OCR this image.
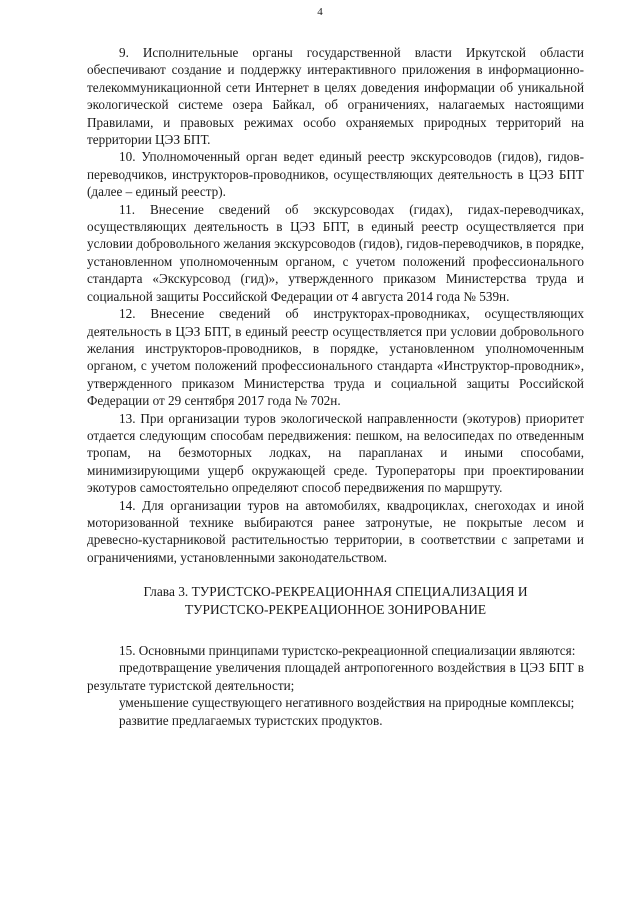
4

9. Исполнительные органы государственной власти Иркутской области обеспечивают создание и поддержку интерактивного приложения в информационно-телекоммуникационной сети Интернет в целях доведения информации об уникальной экологической системе озера Байкал, об ограничениях, налагаемых настоящими Правилами, и правовых режимах особо охраняемых природных территорий на территории ЦЭЗ БПТ.

10. Уполномоченный орган ведет единый реестр экскурсоводов (гидов), гидов-переводчиков, инструкторов-проводников, осуществляющих деятельность в ЦЭЗ БПТ (далее – единый реестр).

11. Внесение сведений об экскурсоводах (гидах), гидах-переводчиках, осуществляющих деятельность в ЦЭЗ БПТ, в единый реестр осуществляется при условии добровольного желания экскурсоводов (гидов), гидов-переводчиков, в порядке, установленном уполномоченным органом, с учетом положений профессионального стандарта «Экскурсовод (гид)», утвержденного приказом Министерства труда и социальной защиты Российской Федерации от 4 августа 2014 года № 539н.

12. Внесение сведений об инструкторах-проводниках, осуществляющих деятельность в ЦЭЗ БПТ, в единый реестр осуществляется при условии добровольного желания инструкторов-проводников, в порядке, установленном уполномоченным органом, с учетом положений профессионального стандарта «Инструктор-проводник», утвержденного приказом Министерства труда и социальной защиты Российской Федерации от 29 сентября 2017 года № 702н.

13. При организации туров экологической направленности (экотуров) приоритет отдается следующим способам передвижения: пешком, на велосипедах по отведенным тропам, на безмоторных лодках, на парапланах и иными способами, минимизирующими ущерб окружающей среде. Туроператоры при проектировании экотуров самостоятельно определяют способ передвижения по маршруту.

14. Для организации туров на автомобилях, квадроциклах, снегоходах и иной моторизованной технике выбираются ранее затронутые, не покрытые лесом и древесно-кустарниковой растительностью территории, в соответствии с запретами и ограничениями, установленными законодательством.

Глава 3. ТУРИСТСКО-РЕКРЕАЦИОННАЯ СПЕЦИАЛИЗАЦИЯ И
ТУРИСТСКО-РЕКРЕАЦИОННОЕ ЗОНИРОВАНИЕ

15. Основными принципами туристско-рекреационной специализации являются:

предотвращение увеличения площадей антропогенного воздействия в ЦЭЗ БПТ в результате туристской деятельности;

уменьшение существующего негативного воздействия на природные комплексы;

развитие предлагаемых туристских продуктов.
